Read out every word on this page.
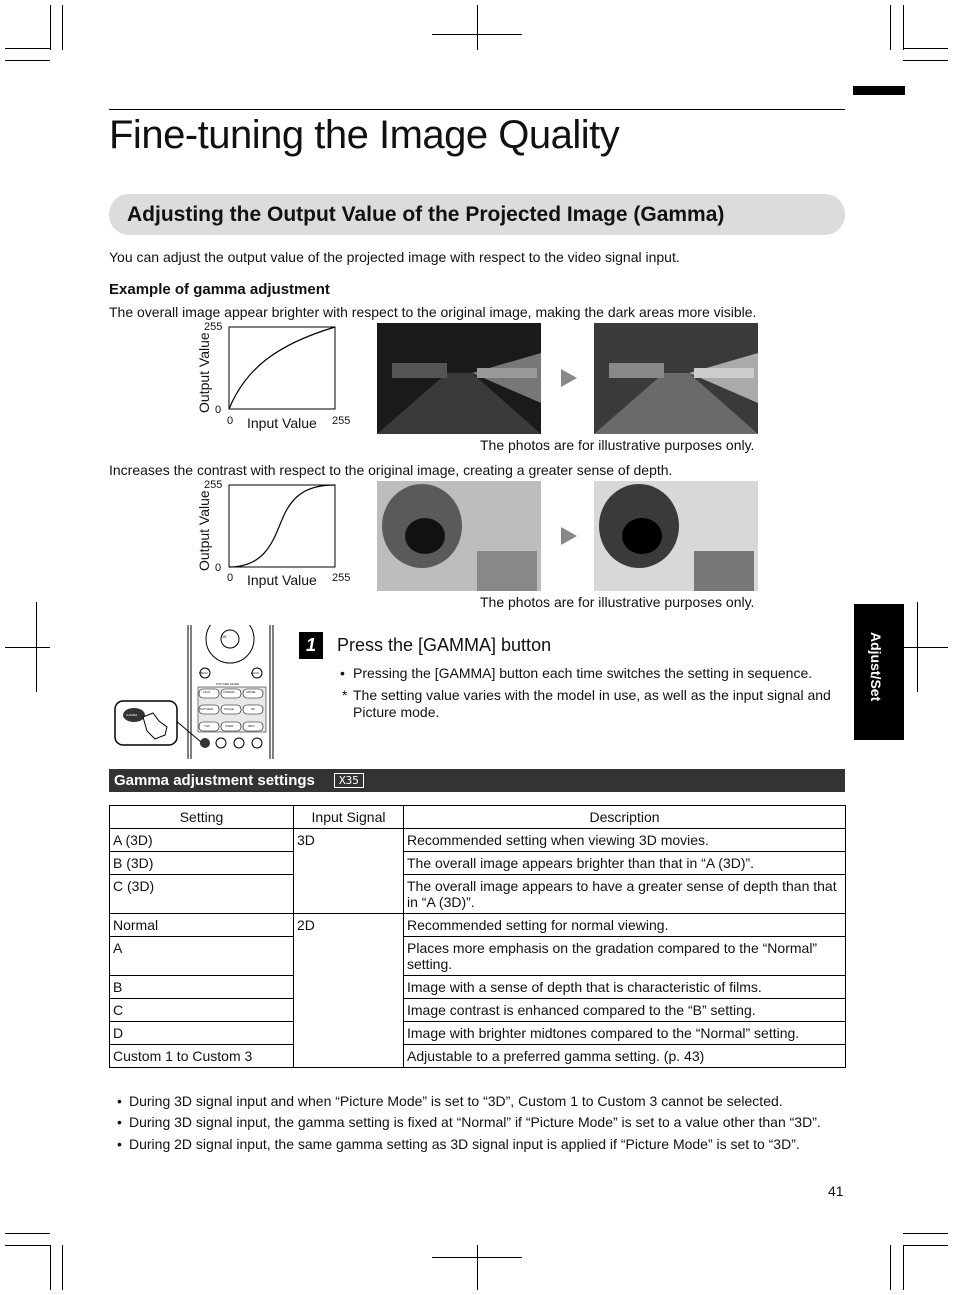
Fine-tuning the Image Quality
Adjusting the Output Value of the Projected Image (Gamma)
You can adjust the output value of the projected image with respect to the video signal input.
Example of gamma adjustment
The overall image appear brighter with respect to the original image, making the dark areas more visible.
255
0
0	255
Input Value
Output Value
The photos are for illustrative purposes only.
Increases the contrast with respect to the original image, creating a greater sense of depth.
255
0
0	255
Input Value
Output Value
The photos are for illustrative purposes only.
OK
MENU	BACK
PICTURE MODE
FILM	CINEMA	ANIME
NATURAL	STAGE	3D
THX	USER	MPC
GAMMA
1	Press the [GAMMA] button
• Pressing the [GAMMA] button each time switches the setting in sequence.
* The setting value varies with the model in use, as well as the input signal and Picture mode.
Adjust/Set
Gamma adjustment settings	X35
Setting	Input Signal	Description
A (3D)	3D	Recommended setting when viewing 3D movies.
B (3D)		The overall image appears brighter than that in “A (3D)”.
C (3D)		The overall image appears to have a greater sense of depth than that in “A (3D)”.
Normal	2D	Recommended setting for normal viewing.
A		Places more emphasis on the gradation compared to the “Normal” setting.
B		Image with a sense of depth that is characteristic of films.
C		Image contrast is enhanced compared to the “B” setting.
D		Image with brighter midtones compared to the “Normal” setting.
Custom 1 to Custom 3		Adjustable to a preferred gamma setting. (p. 43)
• During 3D signal input and when “Picture Mode” is set to “3D”, Custom 1 to Custom 3 cannot be selected.
• During 3D signal input, the gamma setting is fixed at “Normal” if “Picture Mode” is set to a value other than “3D”.
• During 2D signal input, the same gamma setting as 3D signal input is applied if “Picture Mode” is set to “3D”.
41
